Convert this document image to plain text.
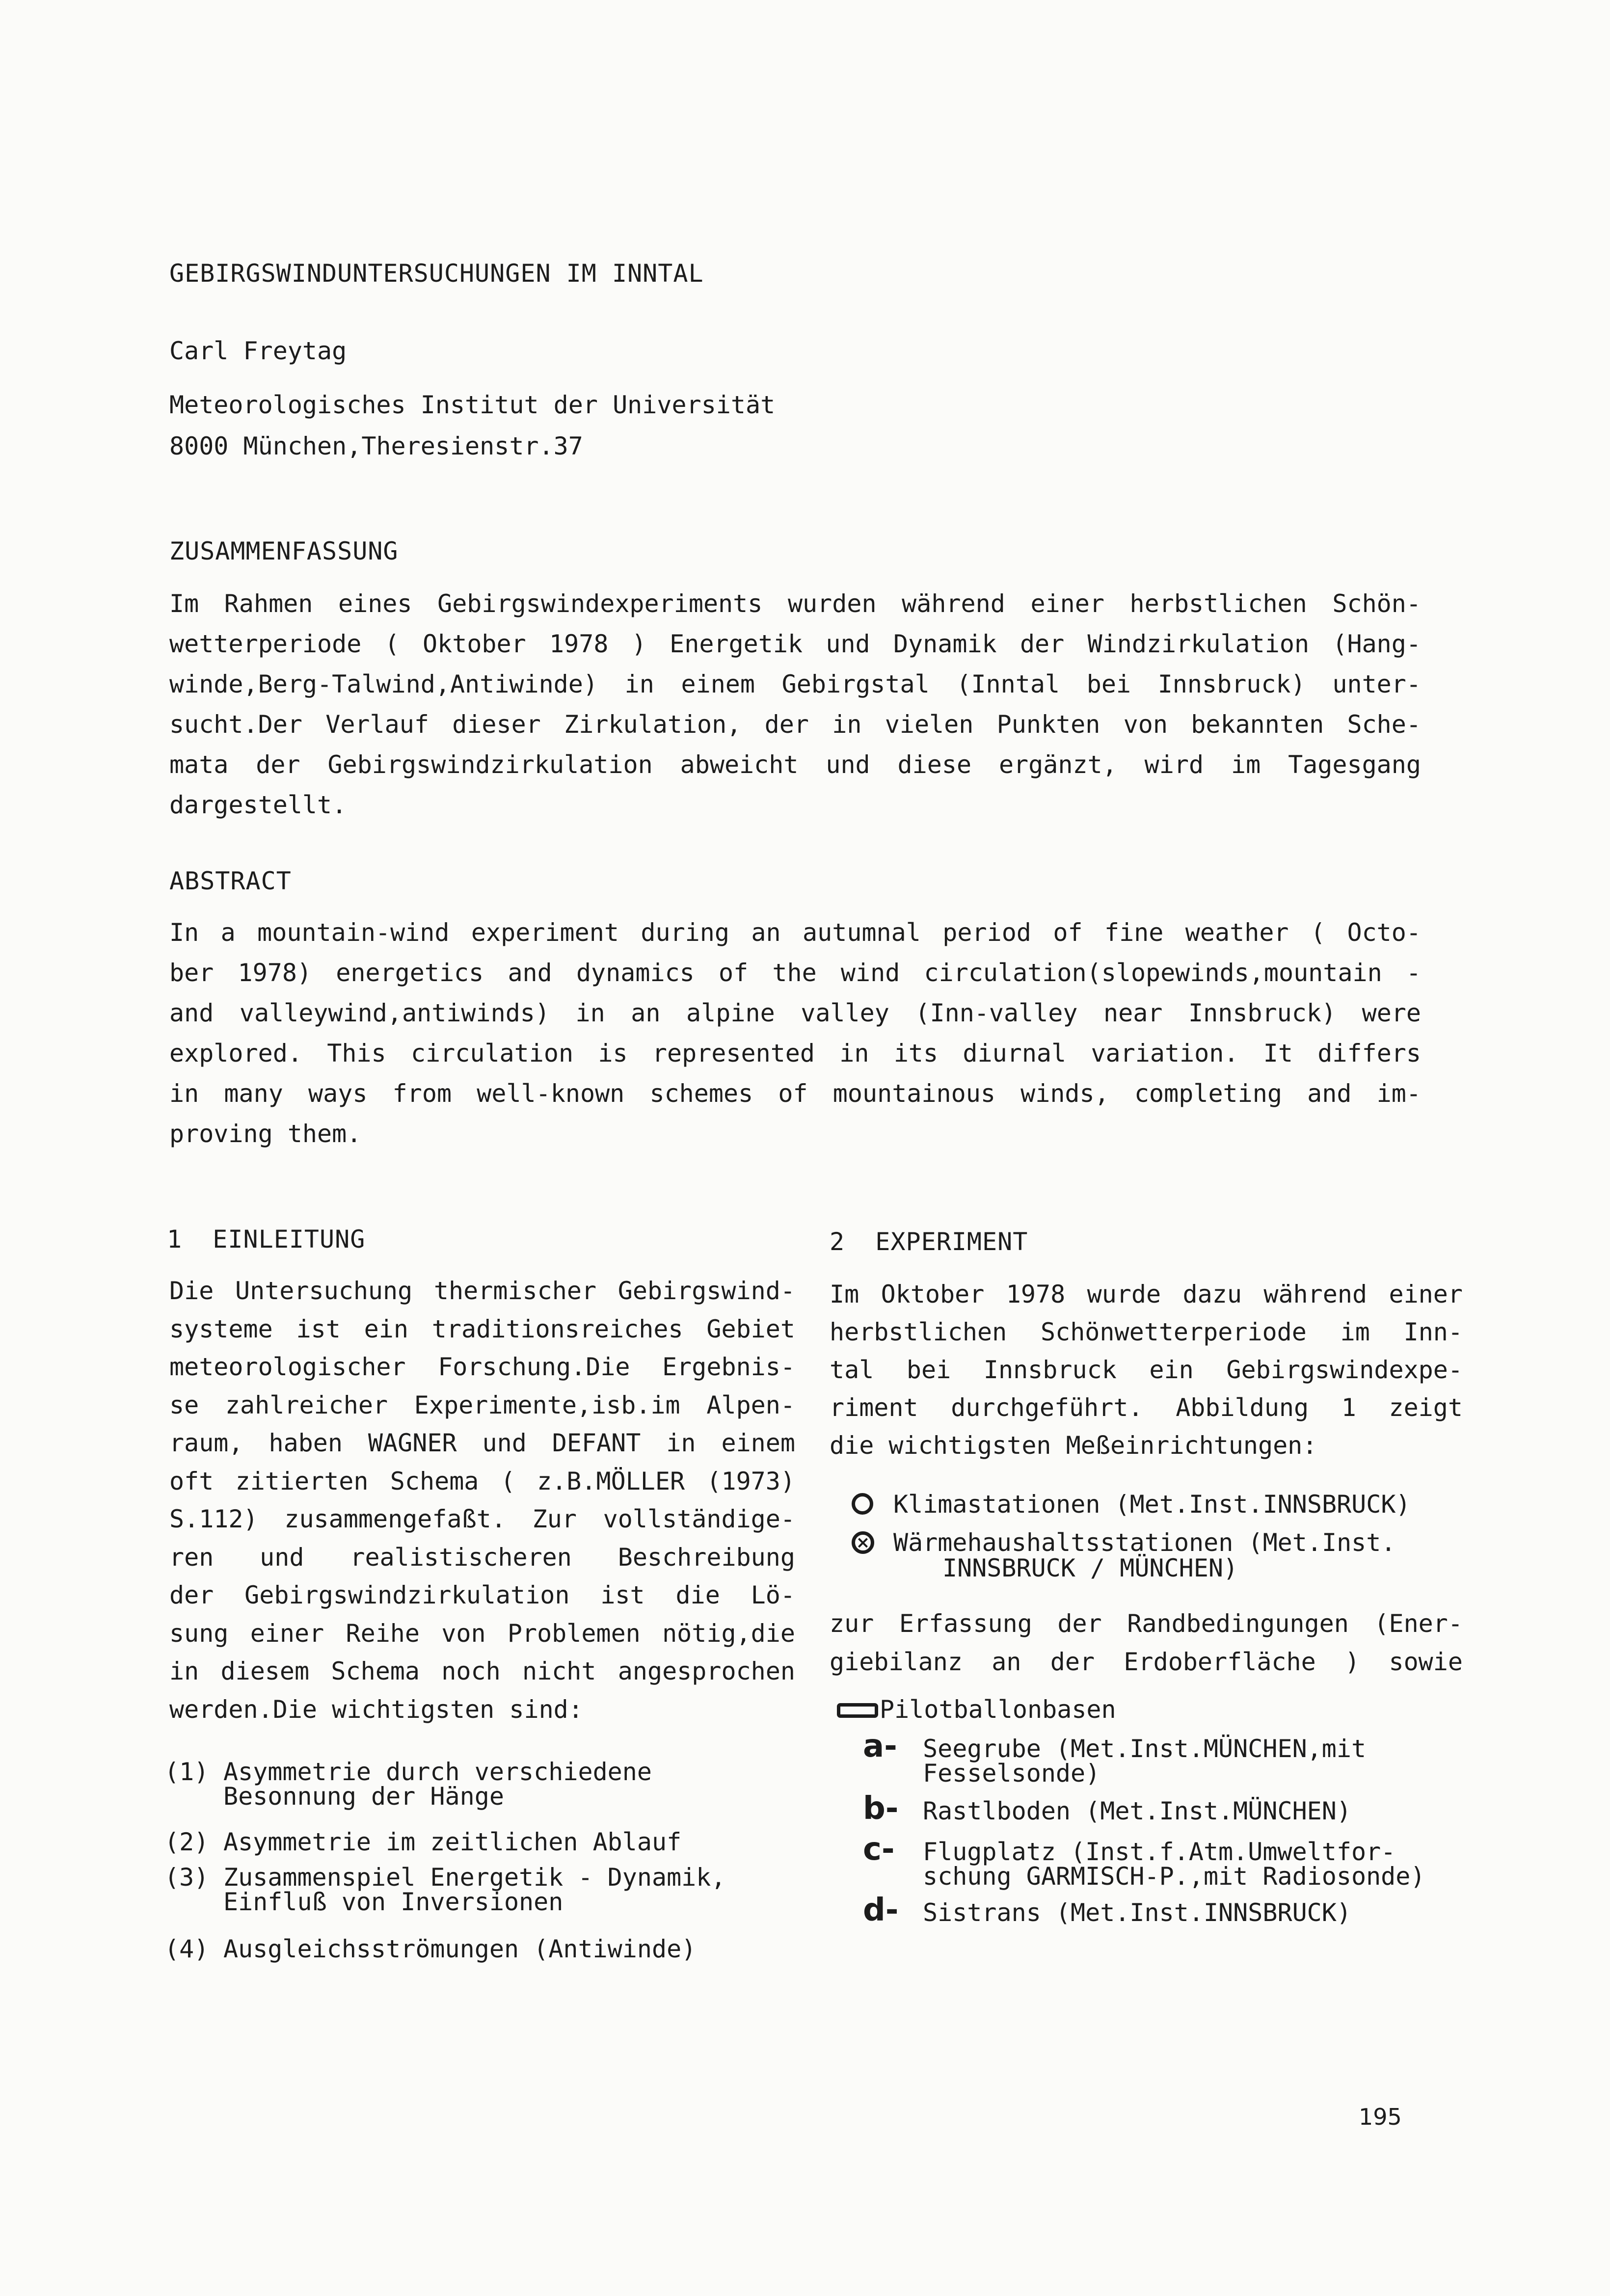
GEBIRGSWINDUNTERSUCHUNGEN IM INNTAL
Carl Freytag
Meteorologisches Institut der Universität
8000 München,Theresienstr.37
ZUSAMMENFASSUNG
ABSTRACT
1  EINLEITUNG	2  EXPERIMENT
195
Im Rahmen eines Gebirgswindexperiments wurden während einer herbstlichen Schön-
wetterperiode ( Oktober 1978 ) Energetik und Dynamik der Windzirkulation (Hang-
winde,Berg-Talwind,Antiwinde) in einem Gebirgstal (Inntal bei Innsbruck) unter-
sucht.Der Verlauf dieser Zirkulation, der in vielen Punkten von bekannten Sche-
mata der Gebirgswindzirkulation abweicht und diese ergänzt, wird im Tagesgang
dargestellt.
In a mountain-wind experiment during an autumnal period of fine weather ( Octo-
ber 1978) energetics and dynamics of the wind circulation(slopewinds,mountain -
and valleywind,antiwinds) in an alpine valley (Inn-valley near Innsbruck) were
explored. This circulation is represented in its diurnal variation. It differs
in many ways from well-known schemes of mountainous winds, completing and im-
proving them.
Die Untersuchung thermischer Gebirgswind-
systeme ist ein traditionsreiches Gebiet
meteorologischer Forschung.Die Ergebnis-
se zahlreicher Experimente,isb.im Alpen-
raum, haben WAGNER und DEFANT in einem
oft zitierten Schema ( z.B.MÖLLER (1973)
S.112) zusammengefaßt. Zur vollständige-
ren und realistischeren Beschreibung
der Gebirgswindzirkulation ist die Lö-
sung einer Reihe von Problemen nötig,die
in diesem Schema noch nicht angesprochen
werden.Die wichtigsten sind:
(1) Asymmetrie durch verschiedene
Besonnung der Hänge
(2) Asymmetrie im zeitlichen Ablauf
(3) Zusammenspiel Energetik - Dynamik,
Einfluß von Inversionen
(4) Ausgleichsströmungen (Antiwinde)
Im Oktober 1978 wurde dazu während einer
herbstlichen Schönwetterperiode im Inn-
tal bei Innsbruck ein Gebirgswindexpe-
riment durchgeführt. Abbildung 1 zeigt
die wichtigsten Meßeinrichtungen:
Klimastationen (Met.Inst.INNSBRUCK)
× Wärmehaushaltsstationen (Met.Inst.
INNSBRUCK / MÜNCHEN)
zur Erfassung der Randbedingungen (Ener-
giebilanz an der Erdoberfläche ) sowie
Pilotballonbasen
a- Seegrube (Met.Inst.MÜNCHEN,mit
Fesselsonde)
b- Rastlboden (Met.Inst.MÜNCHEN)
c- Flugplatz (Inst.f.Atm.Umweltfor-
schung GARMISCH-P.,mit Radiosonde)
d- Sistrans (Met.Inst.INNSBRUCK)
